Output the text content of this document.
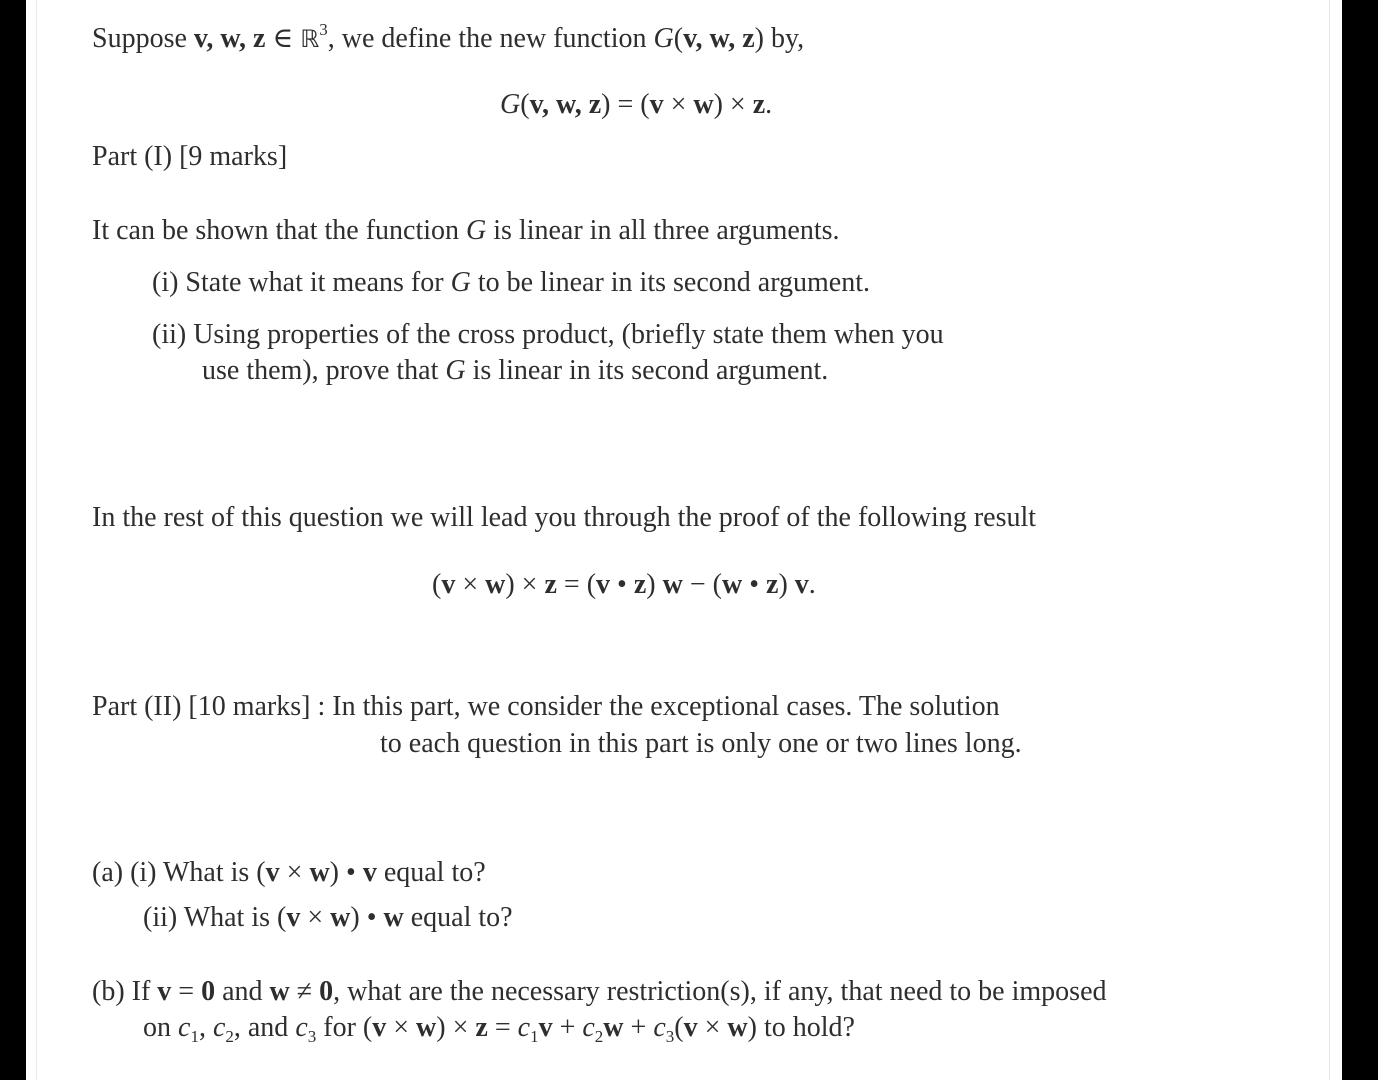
Suppose v, w, z ∈ ℝ$^3$, we define the new function G(v, w, z) by,
G(v, w, z) = (v × w) × z.
Part (I) [9 marks]
It can be shown that the function G is linear in all three arguments.
(i) State what it means for G to be linear in its second argument.
(ii) Using properties of the cross product, (briefly state them when you
use them), prove that G is linear in its second argument.
In the rest of this question we will lead you through the proof of the following result
(v × w) × z = (v • z) w − (w • z) v.
Part (II) [10 marks] : In this part, we consider the exceptional cases. The solution
to each question in this part is only one or two lines long.
(a) (i) What is (v × w) • v equal to?
(ii) What is (v × w) • w equal to?
(b) If v = 0 and w ≠ 0, what are the necessary restriction(s), if any, that need to be imposed
on $c_1$, $c_2$, and $c_3$ for $(v \times w) \times z = c_1v + c_2w + c_3(v \times w)$ to hold?
